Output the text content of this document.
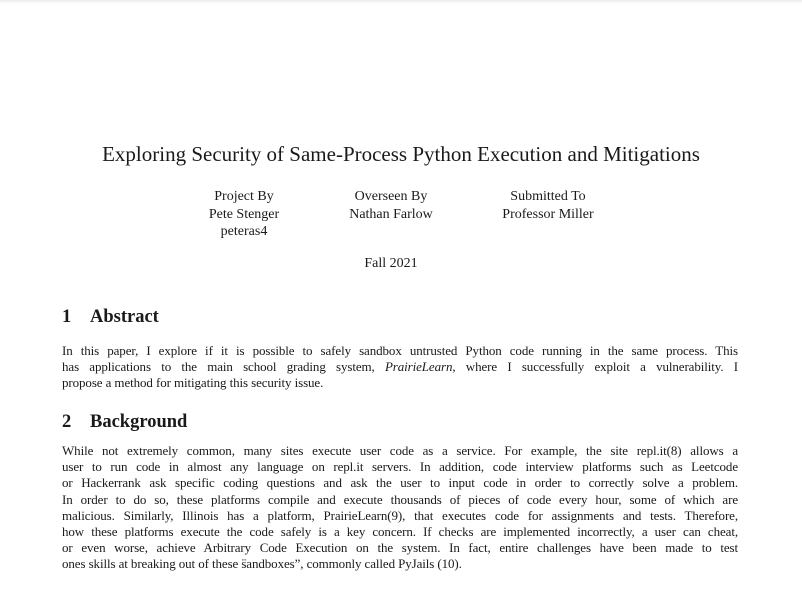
Exploring Security of Same-Process Python Execution and Mitigations
Project By
Pete Stenger
peteras4
Overseen By
Nathan Farlow
Submitted To
Professor Miller
Fall 2021
1 Abstract
In this paper, I explore if it is possible to safely sandbox untrusted Python code running in the same process. This
has applications to the main school grading system, PrairieLearn, where I successfully exploit a vulnerability. I
propose a method for mitigating this security issue.
2 Background
While not extremely common, many sites execute user code as a service. For example, the site repl.it(8) allows a
user to run code in almost any language on repl.it servers. In addition, code interview platforms such as Leetcode
or Hackerrank ask specific coding questions and ask the user to input code in order to correctly solve a problem.
In order to do so, these platforms compile and execute thousands of pieces of code every hour, some of which are
malicious. Similarly, Illinois has a platform, PrairieLearn(9), that executes code for assignments and tests. Therefore,
how these platforms execute the code safely is a key concern. If checks are implemented incorrectly, a user can cheat,
or even worse, achieve Arbitrary Code Execution on the system. In fact, entire challenges have been made to test
ones skills at breaking out of these s̈andboxes”, commonly called PyJails (10).
